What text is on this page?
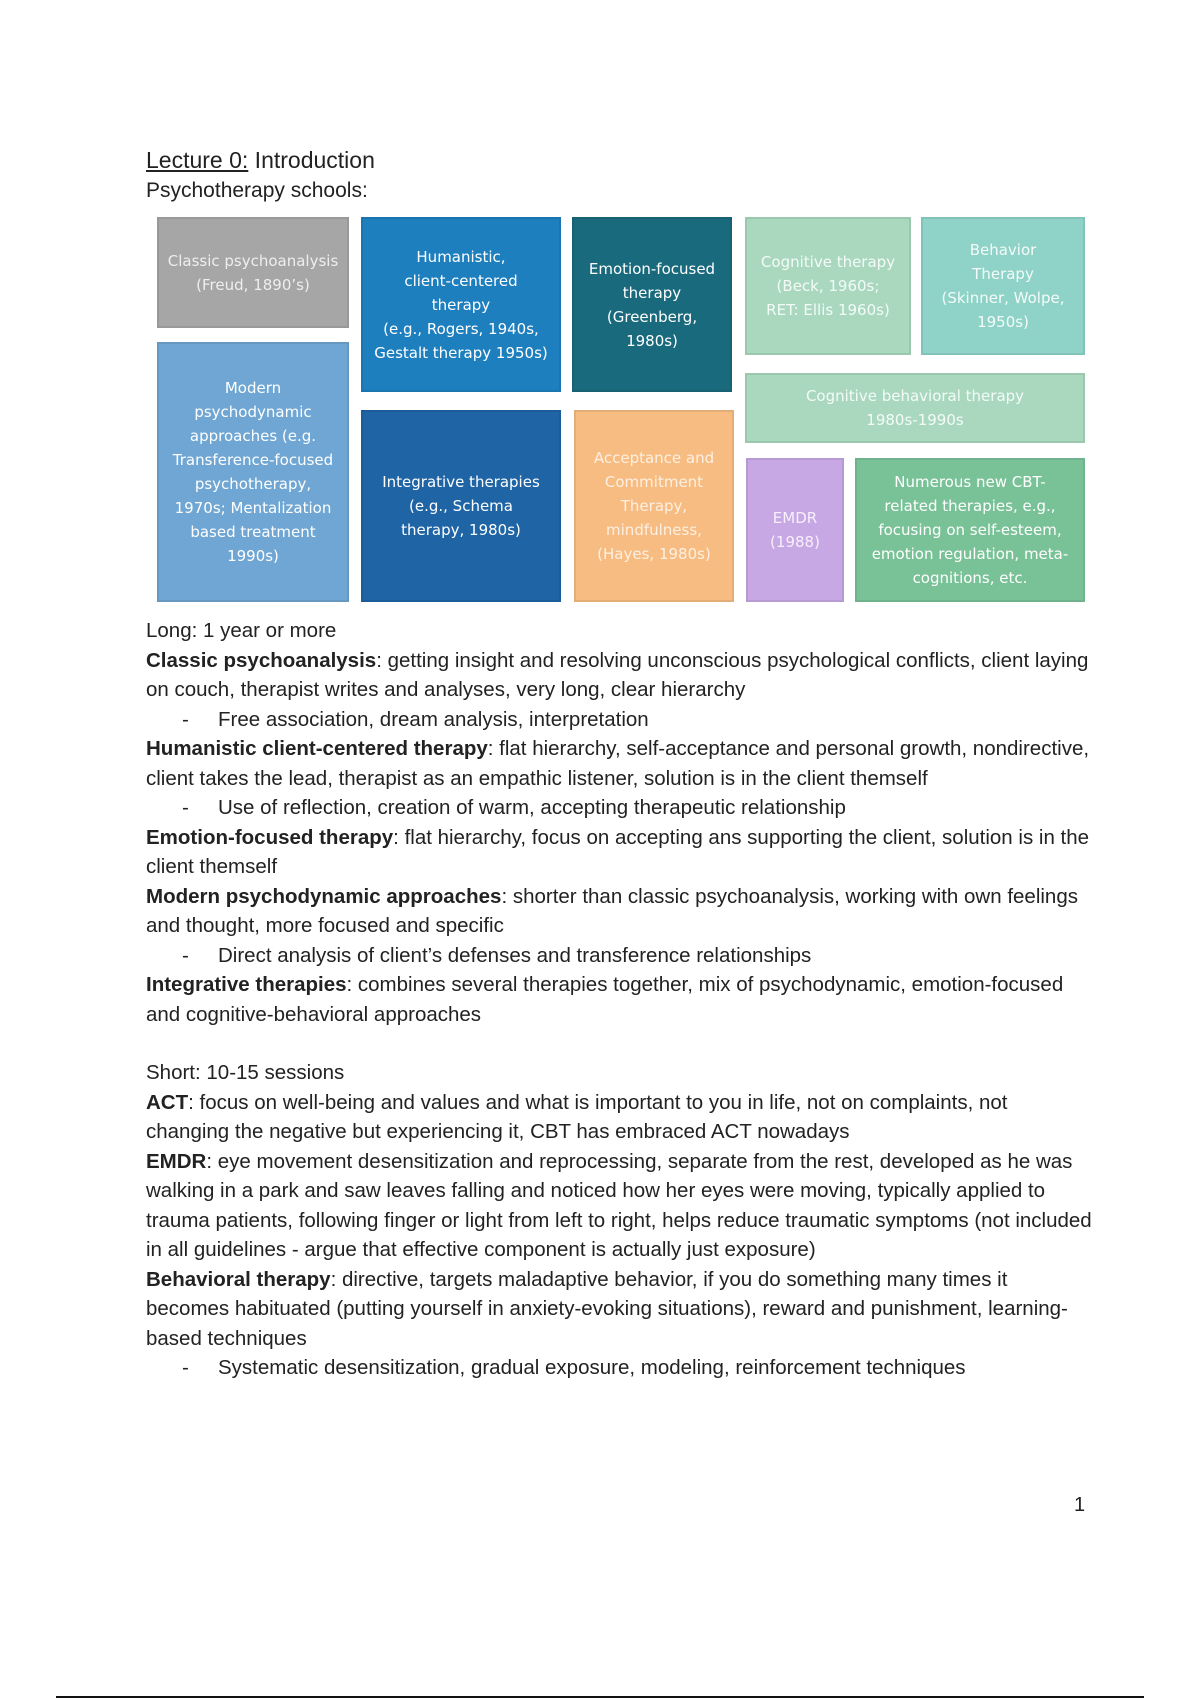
Lecture 0: Introduction
Psychotherapy schools:
Classic psychoanalysis
(Freud, 1890’s)
Humanistic,
client-centered
therapy
(e.g., Rogers, 1940s,
Gestalt therapy 1950s)
Emotion-focused
therapy
(Greenberg,
1980s)
Cognitive therapy
(Beck, 1960s;
RET: Ellis 1960s)
Behavior
Therapy
(Skinner, Wolpe,
1950s)
Modern
psychodynamic
approaches (e.g.
Transference-focused
psychotherapy,
1970s; Mentalization
based treatment
1990s)
Cognitive behavioral therapy
1980s-1990s
Integrative therapies
(e.g., Schema
therapy, 1980s)
Acceptance and
Commitment
Therapy,
mindfulness,
(Hayes, 1980s)
EMDR
(1988)
Numerous new CBT-
related therapies, e.g.,
focusing on self-esteem,
emotion regulation, meta-
cognitions, etc.

Long: 1 year or more

Classic psychoanalysis: getting insight and resolving unconscious psychological conflicts, client laying on couch, therapist writes and analyses, very long, clear hierarchy

- Free association, dream analysis, interpretation

Humanistic client-centered therapy: flat hierarchy, self-acceptance and personal growth, nondirective, client takes the lead, therapist as an empathic listener, solution is in the client themself

- Use of reflection, creation of warm, accepting therapeutic relationship

Emotion-focused therapy: flat hierarchy, focus on accepting ans supporting the client, solution is in the client themself

Modern psychodynamic approaches: shorter than classic psychoanalysis, working with own feelings and thought, more focused and specific

- Direct analysis of client’s defenses and transference relationships

Integrative therapies: combines several therapies together, mix of psychodynamic, emotion-focused and cognitive-behavioral approaches

Short: 10-15 sessions

ACT: focus on well-being and values and what is important to you in life, not on complaints, not changing the negative but experiencing it, CBT has embraced ACT nowadays

EMDR: eye movement desensitization and reprocessing, separate from the rest, developed as he was walking in a park and saw leaves falling and noticed how her eyes were moving, typically applied to trauma patients, following finger or light from left to right, helps reduce traumatic symptoms (not included in all guidelines - argue that effective component is actually just exposure)

Behavioral therapy: directive, targets maladaptive behavior, if you do something many times it becomes habituated (putting yourself in anxiety-evoking situations), reward and punishment, learning-based techniques

- Systematic desensitization, gradual exposure, modeling, reinforcement techniques

1
